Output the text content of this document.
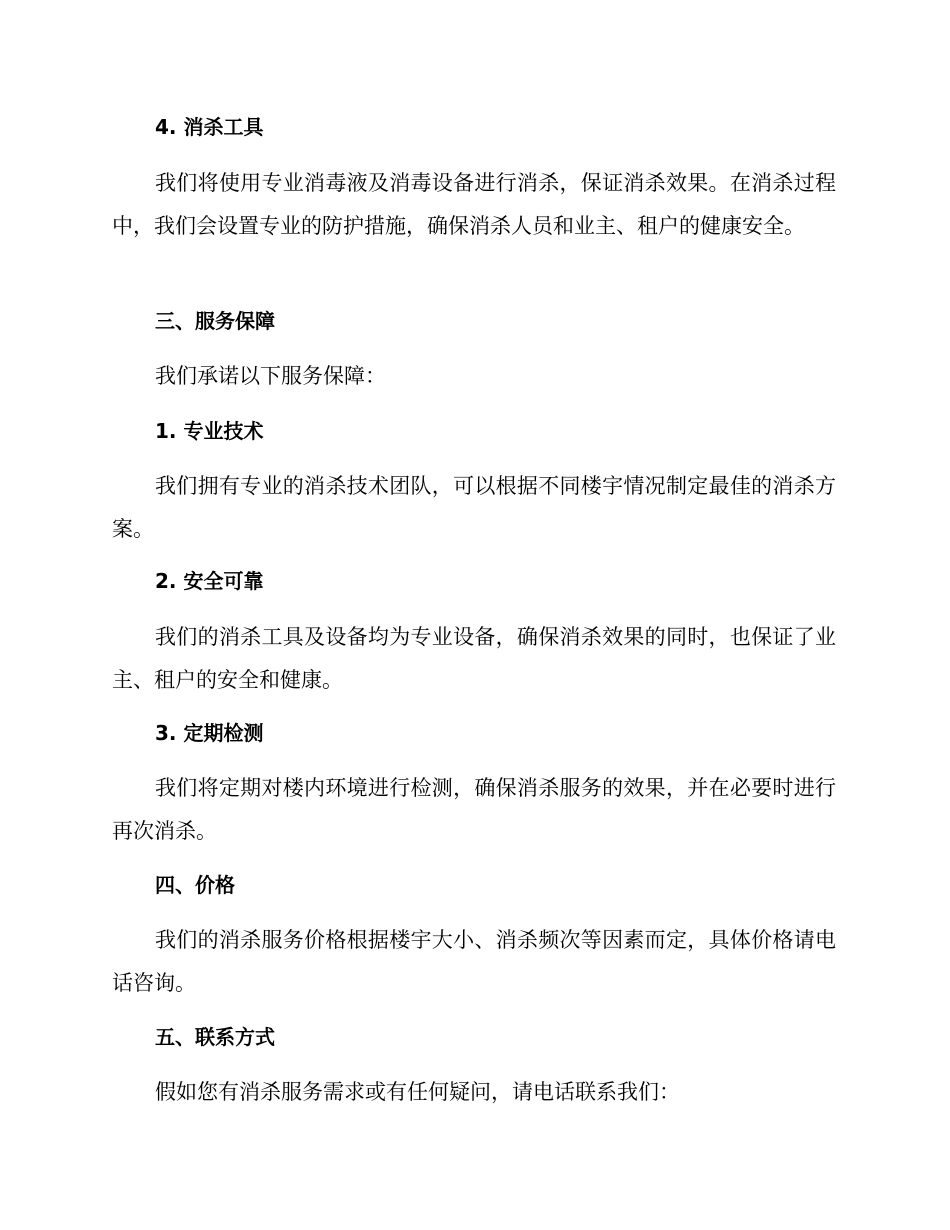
4. 消杀工具
我们将使用专业消毒液及消毒设备进行消杀，保证消杀效果。在消杀过程中，我们会设置专业的防护措施，确保消杀人员和业主、租户的健康安全。
三、服务保障
我们承诺以下服务保障：
1. 专业技术
我们拥有专业的消杀技术团队，可以根据不同楼宇情况制定最佳的消杀方案。
2. 安全可靠
我们的消杀工具及设备均为专业设备，确保消杀效果的同时，也保证了业主、租户的安全和健康。
3. 定期检测
我们将定期对楼内环境进行检测，确保消杀服务的效果，并在必要时进行再次消杀。
四、价格
我们的消杀服务价格根据楼宇大小、消杀频次等因素而定，具体价格请电话咨询。
五、联系方式
假如您有消杀服务需求或有任何疑问，请电话联系我们：
